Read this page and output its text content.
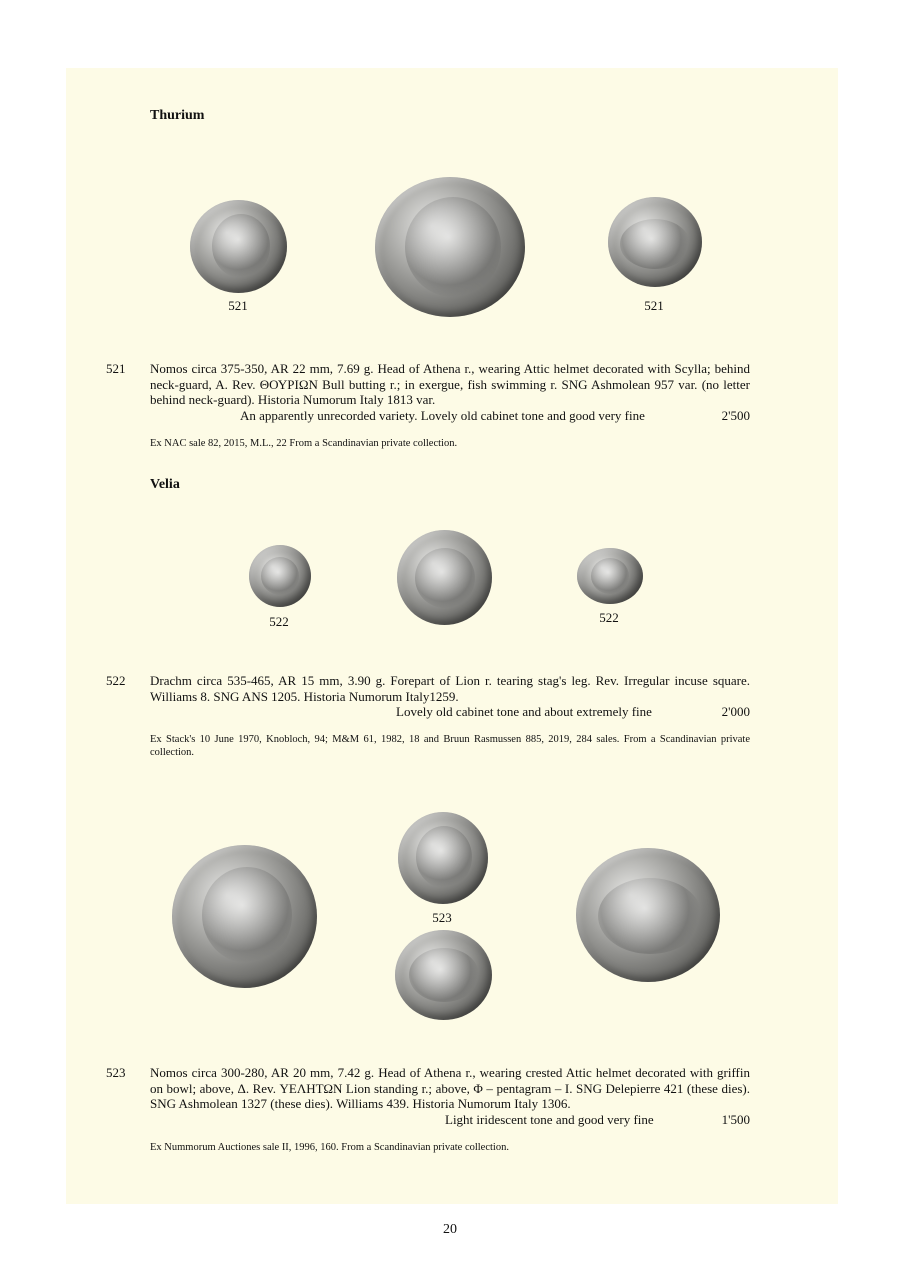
Thurium
521	521
521 Nomos circa 375-350, AR 22 mm, 7.69 g. Head of Athena r., wearing Attic helmet decorated with Scylla; behind neck-guard, A. Rev. ΘΟΥΡΙΩΝ Bull butting r.; in exergue, fish swimming r. SNG Ashmolean 957 var. (no letter behind neck-guard). Historia Numorum Italy 1813 var.
An apparently unrecorded variety. Lovely old cabinet tone and good very fine	2'500
Ex NAC sale 82, 2015, M.L., 22 From a Scandinavian private collection.
Velia
522	522
522 Drachm circa 535-465, AR 15 mm, 3.90 g. Forepart of Lion r. tearing stag's leg. Rev. Irregular incuse square. Williams 8. SNG ANS 1205. Historia Numorum Italy1259.
Lovely old cabinet tone and about extremely fine	2'000
Ex Stack's 10 June 1970, Knobloch, 94; M&M 61, 1982, 18 and Bruun Rasmussen 885, 2019, 284 sales. From a Scandinavian private collection.
523
523 Nomos circa 300-280, AR 20 mm, 7.42 g. Head of Athena r., wearing crested Attic helmet decorated with griffin on bowl; above, Δ. Rev. ΥΕΛΗΤΩΝ Lion standing r.; above, Φ – pentagram – I. SNG Delepierre 421 (these dies). SNG Ashmolean 1327 (these dies). Williams 439. Historia Numorum Italy 1306.
Light iridescent tone and good very fine	1'500
Ex Nummorum Auctiones sale II, 1996, 160. From a Scandinavian private collection.
20
